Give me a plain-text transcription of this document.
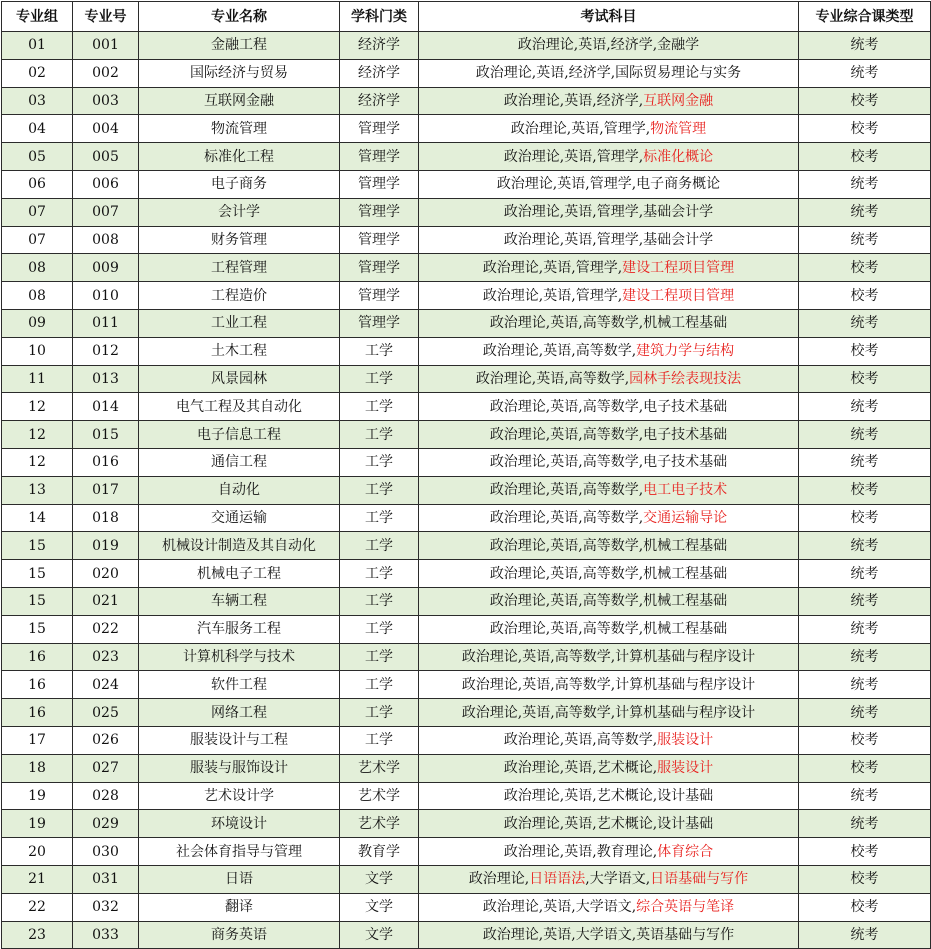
专业组	专业号	专业名称	学科门类	考试科目	专业综合课类型
01	001	金融工程	经济学	政治理论,英语,经济学,金融学	统考
02	002	国际经济与贸易	经济学	政治理论,英语,经济学,国际贸易理论与实务	统考
03	003	互联网金融	经济学	政治理论,英语,经济学,互联网金融	校考
04	004	物流管理	管理学	政治理论,英语,管理学,物流管理	校考
05	005	标准化工程	管理学	政治理论,英语,管理学,标准化概论	校考
06	006	电子商务	管理学	政治理论,英语,管理学,电子商务概论	统考
07	007	会计学	管理学	政治理论,英语,管理学,基础会计学	统考
07	008	财务管理	管理学	政治理论,英语,管理学,基础会计学	统考
08	009	工程管理	管理学	政治理论,英语,管理学,建设工程项目管理	校考
08	010	工程造价	管理学	政治理论,英语,管理学,建设工程项目管理	校考
09	011	工业工程	管理学	政治理论,英语,高等数学,机械工程基础	统考
10	012	土木工程	工学	政治理论,英语,高等数学,建筑力学与结构	校考
11	013	风景园林	工学	政治理论,英语,高等数学,园林手绘表现技法	校考
12	014	电气工程及其自动化	工学	政治理论,英语,高等数学,电子技术基础	统考
12	015	电子信息工程	工学	政治理论,英语,高等数学,电子技术基础	统考
12	016	通信工程	工学	政治理论,英语,高等数学,电子技术基础	统考
13	017	自动化	工学	政治理论,英语,高等数学,电工电子技术	校考
14	018	交通运输	工学	政治理论,英语,高等数学,交通运输导论	校考
15	019	机械设计制造及其自动化	工学	政治理论,英语,高等数学,机械工程基础	统考
15	020	机械电子工程	工学	政治理论,英语,高等数学,机械工程基础	统考
15	021	车辆工程	工学	政治理论,英语,高等数学,机械工程基础	统考
15	022	汽车服务工程	工学	政治理论,英语,高等数学,机械工程基础	统考
16	023	计算机科学与技术	工学	政治理论,英语,高等数学,计算机基础与程序设计	统考
16	024	软件工程	工学	政治理论,英语,高等数学,计算机基础与程序设计	统考
16	025	网络工程	工学	政治理论,英语,高等数学,计算机基础与程序设计	统考
17	026	服装设计与工程	工学	政治理论,英语,高等数学,服装设计	校考
18	027	服装与服饰设计	艺术学	政治理论,英语,艺术概论,服装设计	校考
19	028	艺术设计学	艺术学	政治理论,英语,艺术概论,设计基础	统考
19	029	环境设计	艺术学	政治理论,英语,艺术概论,设计基础	统考
20	030	社会体育指导与管理	教育学	政治理论,英语,教育理论,体育综合	校考
21	031	日语	文学	政治理论,日语语法,大学语文,日语基础与写作	校考
22	032	翻译	文学	政治理论,英语,大学语文,综合英语与笔译	校考
23	033	商务英语	文学	政治理论,英语,大学语文,英语基础与写作	统考
